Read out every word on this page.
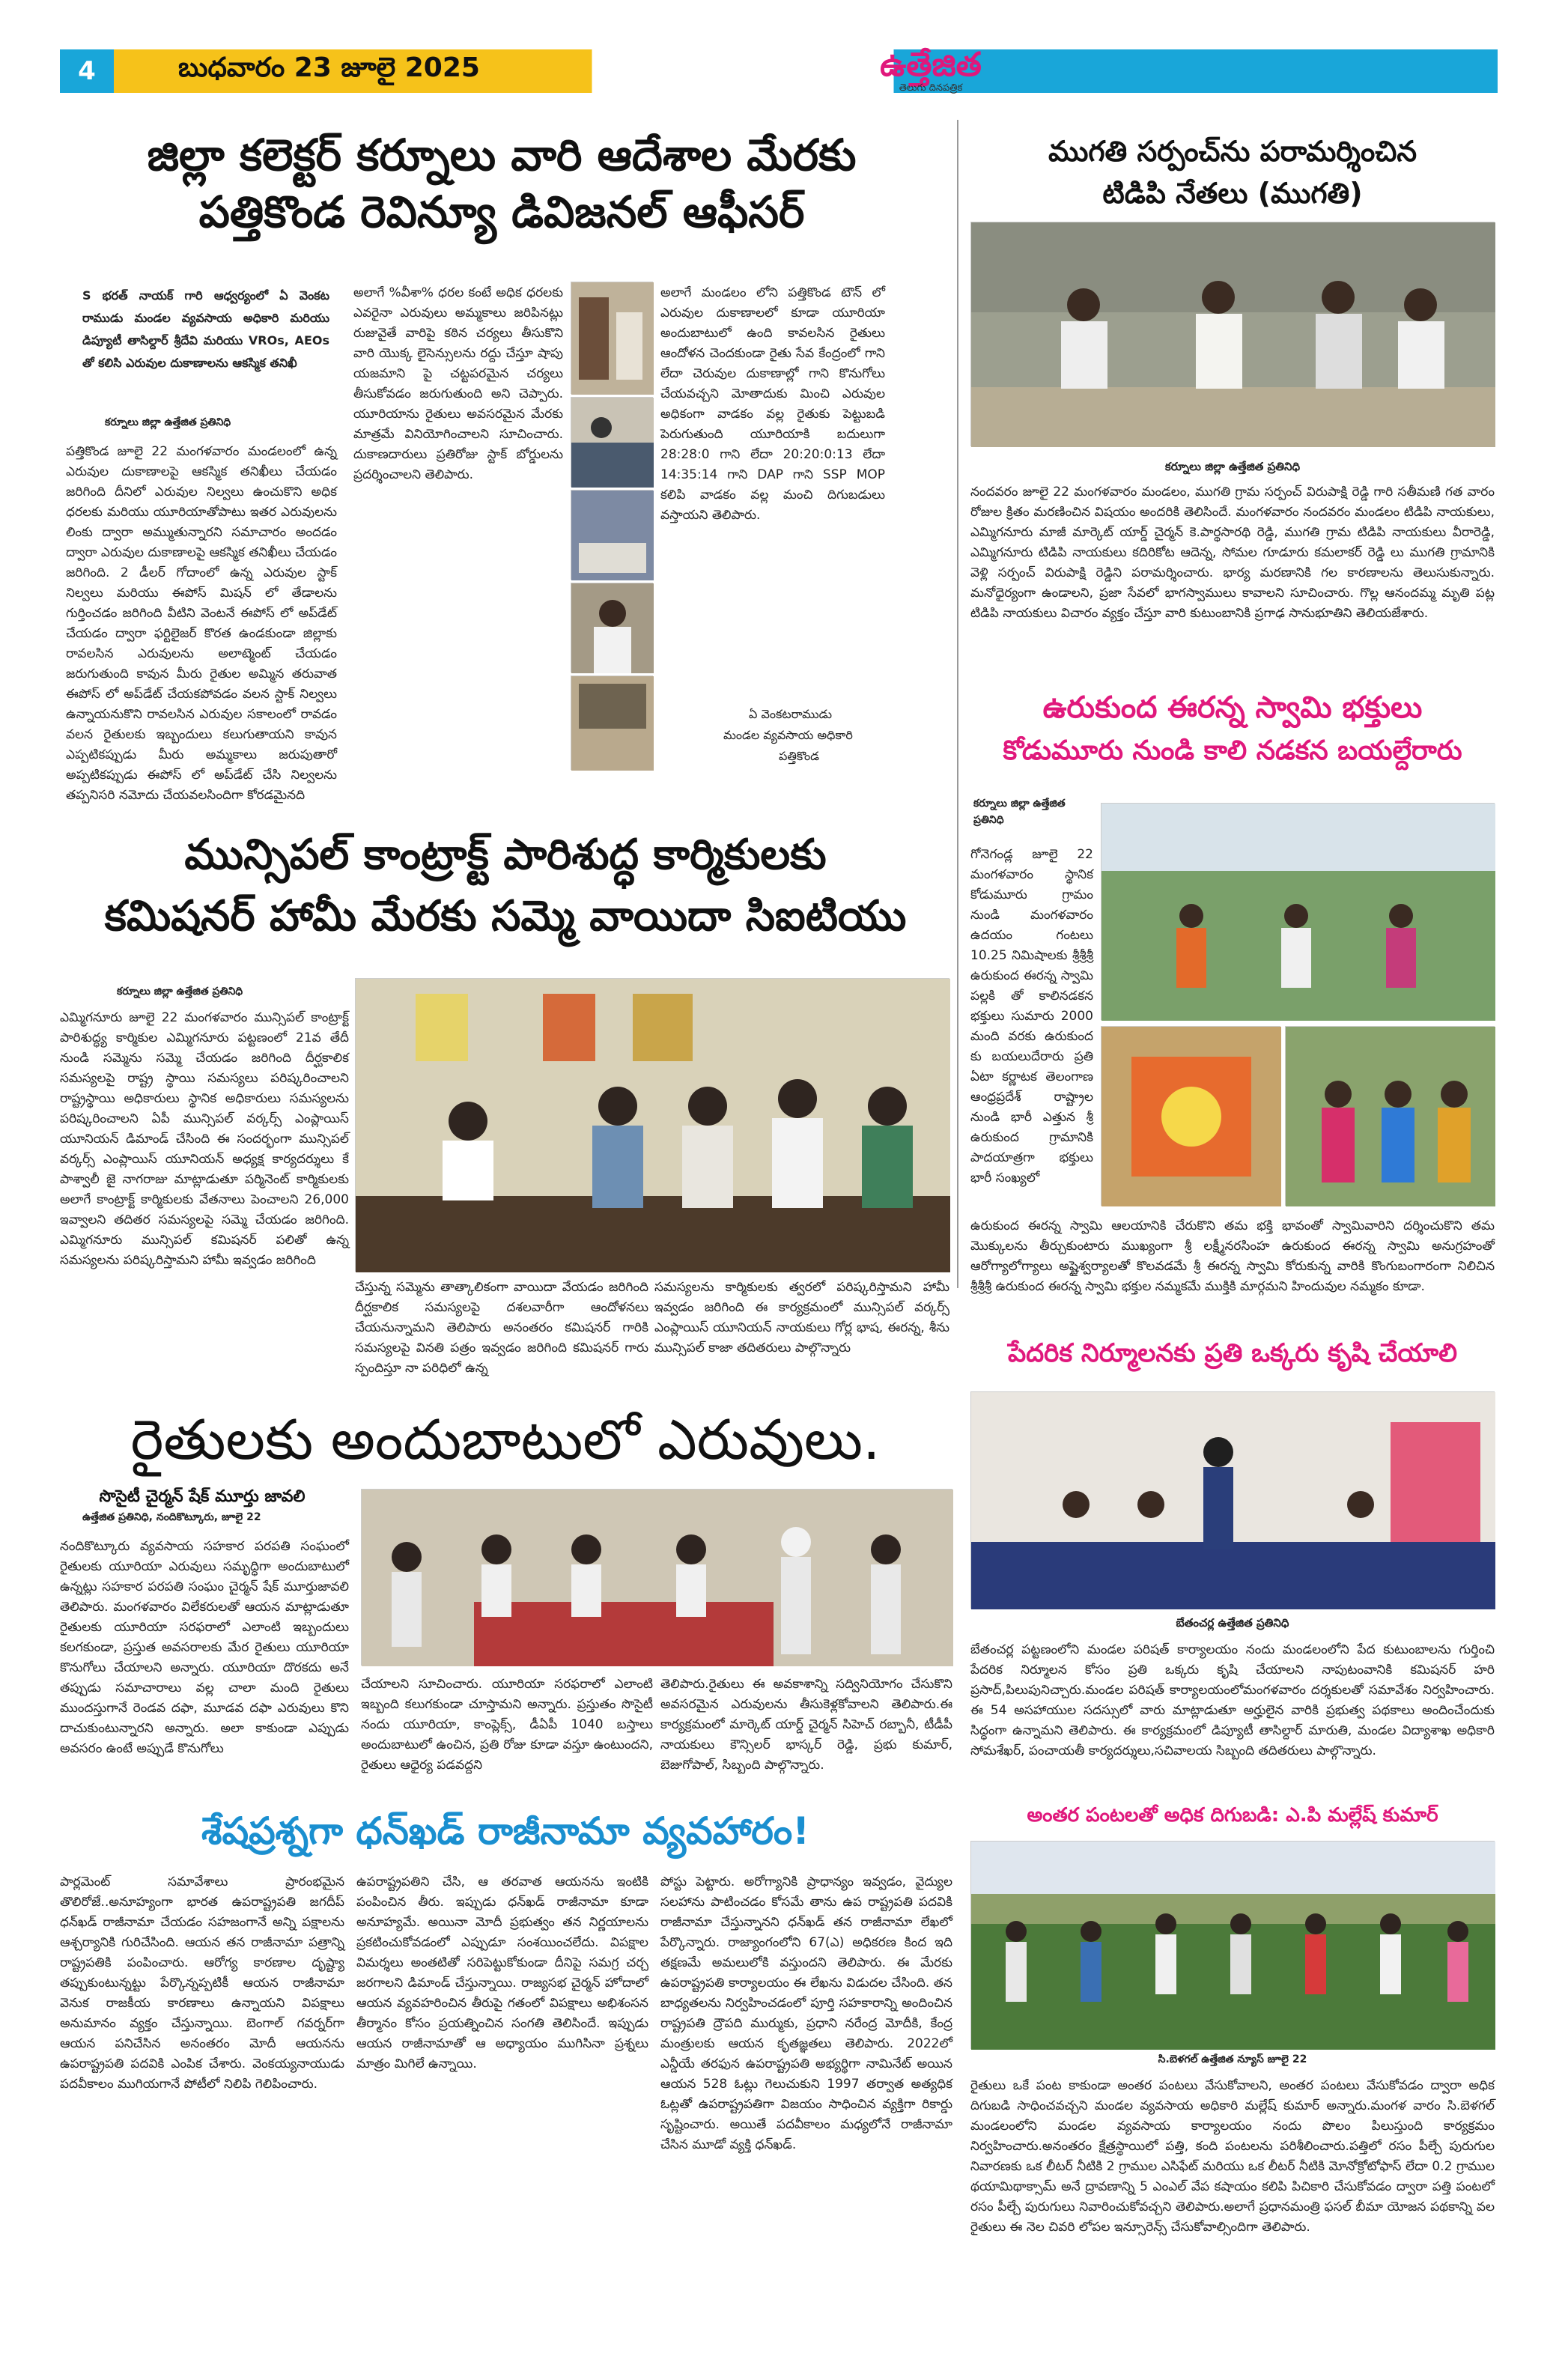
4	బుధవారం 23 జూలై 2025	ఉత్తేజిత
తెలుగు దినపత్రిక
జిల్లా కలెక్టర్ కర్నూలు వారి ఆదేశాల మేరకు
పత్తికొండ రెవిన్యూ డివిజనల్ ఆఫీసర్
S భరత్ నాయక్ గారి ఆధ్వర్యంలో ఏ వెంకట రాముడు మండల వ్యవసాయ అధికారి మరియు డిప్యూటీ తాసిల్దార్ శ్రీదేవి మరియు VROs, AEOs తో కలిసి ఎరువుల దుకాణాలను ఆకస్మిక తనిఖీ
కర్నూలు జిల్లా ఉత్తేజిత ప్రతినిధి
పత్తికొండ జూలై 22 మంగళవారం మండలంలో ఉన్న ఎరువుల దుకాణాలపై ఆకస్మిక తనిఖీలు చేయడం జరిగింది దీనిలో ఎరువుల నిల్వలు ఉంచుకొని అధిక ధరలకు మరియు యూరియాతోపాటు ఇతర ఎరువులను లింకు ద్వారా అమ్ముతున్నారని సమాచారం అందడం ద్వారా ఎరువుల దుకాణాలపై ఆకస్మిక తనిఖీలు చేయడం జరిగింది. 2 డీలర్ గోదాంలో ఉన్న ఎరువుల స్టాక్ నిల్వలు మరియు ఈపోస్ మిషన్ లో తేడాలను గుర్తించడం జరిగింది వీటిని వెంటనే ఈపోస్ లో అప్‌డేట్ చేయడం ద్వారా ఫర్టిలైజర్ కొరత ఉండకుండా జిల్లాకు రావలసిన ఎరువులను అలాట్మెంట్ చేయడం జరుగుతుంది కావున మీరు రైతుల అమ్మిన తరువాత ఈపోస్ లో అప్‌డేట్ చేయకపోవడం వలన స్టాక్ నిల్వలు ఉన్నాయనుకొని రావలసిన ఎరువుల సకాలంలో రావడం వలన రైతులకు ఇబ్బందులు కలుగుతాయని కావున ఎప్పటికప్పుడు మీరు అమ్మకాలు జరుపుతారో అప్పటికప్పుడు ఈపోస్ లో అప్‌డేట్ చేసి నిల్వలను తప్పనిసరి నమోదు చేయవలసిందిగా కోరడమైనది
అలాగే %వీశా% ధరల కంటే అధిక ధరలకు ఎవరైనా ఎరువులు అమ్మకాలు జరిపినట్లు రుజువైతే వారిపై కఠిన చర్యలు తీసుకొని వారి యొక్క లైసెన్సులను రద్దు చేస్తూ షాపు యజమాని పై చట్టపరమైన చర్యలు తీసుకోవడం జరుగుతుంది అని చెప్పారు. యూరియాను రైతులు అవసరమైన మేరకు మాత్రమే వినియోగించాలని సూచించారు. దుకాణదారులు ప్రతిరోజు స్టాక్ బోర్డులను ప్రదర్శించాలని తెలిపారు.
అలాగే మండలం లోని పత్తికొండ టౌన్ లో ఎరువుల దుకాణాలలో కూడా యూరియా అందుబాటులో ఉంది కావలసిన రైతులు ఆందోళన చెందకుండా రైతు సేవ కేంద్రంలో గాని లేదా చెరువుల దుకాణాల్లో గాని కొనుగోలు చేయవచ్చని మోతాదుకు మించి ఎరువుల అధికంగా వాడకం వల్ల రైతుకు పెట్టుబడి పెరుగుతుంది యూరియాకి బదులుగా 28:28:0 గాని లేదా 20:20:0:13 లేదా 14:35:14 గాని DAP గాని SSP MOP కలిపి వాడకం వల్ల మంచి దిగుబడులు వస్తాయని తెలిపారు.
ఏ వెంకటరాముడు
మండల వ్యవసాయ అధికారి
పత్తికొండ
ముగతి సర్పంచ్‌ను పరామర్శించిన
టిడిపి నేతలు (ముగతి)
కర్నూలు జిల్లా ఉత్తేజిత ప్రతినిధి
నందవరం జూలై 22 మంగళవారం మండలం, ముగతి గ్రామ సర్పంచ్ విరుపాక్షి రెడ్డి గారి సతీమణి గత వారం రోజుల క్రితం మరణించిన విషయం అందరికి తెలిసిందే. మంగళవారం నందవరం మండలం టిడిపి నాయకులు, ఎమ్మిగనూరు మాజీ మార్కెట్ యార్డ్ చైర్మన్ కె.పార్థసారథి రెడ్డి, ముగతి గ్రామ టిడిపి నాయకులు వీరారెడ్డి, ఎమ్మిగనూరు టిడిపి నాయకులు కదిరికోట ఆదెన్న, సోమల గూడూరు కమలాకర్ రెడ్డి లు ముగతి గ్రామానికి వెళ్లి సర్పంచ్ విరుపాక్షి రెడ్డిని పరామర్శించారు. భార్య మరణానికి గల కారణాలను తెలుసుకున్నారు. మనోధైర్యంగా ఉండాలని, ప్రజా సేవలో భాగస్వాములు కావాలని సూచించారు. గొల్ల ఆనందమ్మ మృతి పట్ల టిడిపి నాయకులు విచారం వ్యక్తం చేస్తూ వారి కుటుంబానికి ప్రగాఢ సానుభూతిని తెలియజేశారు.
ఉరుకుంద ఈరన్న స్వామి భక్తులు
కోడుమూరు నుండి కాలి నడకన బయల్దేరారు
కర్నూలు జిల్లా ఉత్తేజిత ప్రతినిధి
గోనెగండ్ల జూలై 22 మంగళవారం స్థానిక కోడుమూరు గ్రామం నుండి మంగళవారం ఉదయం గంటలు 10.25 నిమిషాలకు శ్రీశ్రీశ్రీ ఉరుకుంద ఈరన్న స్వామి పల్లకి తో కాలినడకన భక్తులు సుమారు 2000 మంది వరకు ఉరుకుంద కు బయలుదేరారు ప్రతి ఏటా కర్ణాటక తెలంగాణ ఆంధ్రప్రదేశ్ రాష్ట్రాల నుండి భారీ ఎత్తున శ్రీ ఉరుకుంద గ్రామానికి పాదయాత్రగా భక్తులు భారీ సంఖ్యలో
ఉరుకుంద ఈరన్న స్వామి ఆలయానికి చేరుకొని తమ భక్తి భావంతో స్వామివారిని దర్శించుకొని తమ మొక్కులను తీర్చుకుంటారు ముఖ్యంగా శ్రీ లక్ష్మీనరసింహ ఉరుకుంద ఈరన్న స్వామి అనుగ్రహంతో ఆరోగ్యాలోగ్యాలు అష్టైశ్వర్యాలతో కొలవడమే శ్రీ ఈరన్న స్వామి కోరుకున్న వారికి కొంగుబంగారంగా నిలిచిన శ్రీశ్రీశ్రీ ఉరుకుంద ఈరన్న స్వామి భక్తుల నమ్మకమే ముక్తికి మార్గమని హిందువుల నమ్మకం కూడా.
మున్సిపల్ కాంట్రాక్ట్ పారిశుద్ధ కార్మికులకు
కమిషనర్ హామీ మేరకు సమ్మె వాయిదా సిఐటియు
కర్నూలు జిల్లా ఉత్తేజిత ప్రతినిధి
ఎమ్మిగనూరు జూలై 22 మంగళవారం మున్సిపల్ కాంట్రాక్ట్ పారిశుద్ధ్య కార్మికుల ఎమ్మిగనూరు పట్టణంలో 21వ తేదీ నుండి సమ్మెను సమ్మె చేయడం జరిగింది దీర్ఘకాలిక సమస్యలపై రాష్ట్ర స్థాయి సమస్యలు పరిష్కరించాలని రాష్ట్రస్థాయి అధికారులు స్థానిక అధికారులు సమస్యలను పరిష్కరించాలని ఏపీ మున్సిపల్ వర్కర్స్ ఎంప్లాయిస్ యూనియన్ డిమాండ్ చేసింది ఈ సందర్భంగా మున్సిపల్ వర్కర్స్ ఎంప్లాయిస్ యూనియన్ అధ్యక్ష కార్యదర్శులు కే పాశ్వాలీ జై నాగరాజు మాట్లాడుతూ పర్మినెంట్ కార్మికులకు అలాగే కాంట్రాక్ట్ కార్మికులకు వేతనాలు పెంచాలని 26,000 ఇవ్వాలని తదితర సమస్యలపై సమ్మె చేయడం జరిగింది. ఎమ్మిగనూరు మున్సిపల్ కమిషనర్ పలితో ఉన్న సమస్యలను పరిష్కరిస్తామని హామీ ఇవ్వడం జరిగింది
చేస్తున్న సమ్మెను తాత్కాలికంగా వాయిదా వేయడం జరిగింది దీర్ఘకాలిక సమస్యలపై దశలవారీగా ఆందోళనలు చేయనున్నామని తెలిపారు అనంతరం కమిషనర్ గారికి సమస్యలపై వినతి పత్రం ఇవ్వడం జరిగింది కమిషనర్ గారు స్పందిస్తూ నా పరిధిలో ఉన్న
సమస్యలను కార్మికులకు త్వరలో పరిష్కరిస్తామని హామీ ఇవ్వడం జరిగింది ఈ కార్యక్రమంలో మున్సిపల్ వర్కర్స్ ఎంప్లాయిస్ యూనియన్ నాయకులు గోర్ల భాష, ఈరన్న, శీను మున్సిపల్ కాజా తదితరులు పాల్గొన్నారు	పేదరిక నిర్మూలనకు ప్రతి ఒక్కరు కృషి చేయాలి
బేతంచర్ల ఉత్తేజిత ప్రతినిధి
బేతంచర్ల పట్టణంలోని మండల పరిషత్ కార్యాలయం నందు మండలంలోని పేద కుటుంబాలను గుర్తించి పేదరిక నిర్మూలన కోసం ప్రతి ఒక్కరు కృషి చేయాలని నాపుటంవానికి కమిషనర్ హరి ప్రసాద్,పిలుపునిచ్చారు.మండల పరిషత్ కార్యాలయంలోమంగళవారం దర్శకులతో సమావేశం నిర్వహించారు. ఈ 54 అసహాయుల సదస్సులో వారు మాట్లాడుతూ అర్హులైన వారికి ప్రభుత్వ పథకాలు అందించేందుకు సిద్ధంగా ఉన్నామని తెలిపారు. ఈ కార్యక్రమంలో డిప్యూటీ తాసిల్దార్ మారుతి, మండల విద్యాశాఖ అధికారి సోమశేఖర్, పంచాయతీ కార్యదర్శులు,సచివాలయ సిబ్బంది తదితరులు పాల్గొన్నారు.
రైతులకు అందుబాటులో ఎరువులు.
సొసైటీ చైర్మన్ షేక్ మూర్తు జావలి
ఉత్తేజిత ప్రతినిధి, నందికొట్కూరు, జూలై 22
నందికొట్కూరు వ్యవసాయ సహకార పరపతి సంఘంలో రైతులకు యూరియా ఎరువులు సమృద్ధిగా అందుబాటులో ఉన్నట్లు సహకార పరపతి సంఘం చైర్మన్ షేక్ మూర్తుజావలి తెలిపారు. మంగళవారం విలేకరులతో ఆయన మాట్లాడుతూ రైతులకు యూరియా సరఫరాలో ఎలాంటి ఇబ్బందులు కలగకుండా, ప్రస్తుత అవసరాలకు మేర రైతులు యూరియా కొనుగోలు చేయాలని అన్నారు. యూరియా దొరకదు అనే తప్పుడు సమాచారాలు వల్ల చాలా మంది రైతులు ముందస్తుగానే రెండవ దఫా, మూడవ దఫా ఎరువులు కొని దాచుకుంటున్నారని అన్నారు. అలా కాకుండా ఎప్పుడు అవసరం ఉంటే అప్పుడే కొనుగోలు
చేయాలని సూచించారు. యూరియా సరఫరాలో ఎలాంటి ఇబ్బంది కలుగకుండా చూస్తామని అన్నారు. ప్రస్తుతం సొసైటీ నందు యూరియా, కాంప్లెక్స్, డీఏపీ 1040 బస్తాలు అందుబాటులో ఉంచిన, ప్రతి రోజు కూడా వస్తూ ఉంటుందని, రైతులు ఆధైర్య పడవద్దని
తెలిపారు.రైతులు ఈ అవకాశాన్ని సద్వినియోగం చేసుకొని అవసరమైన ఎరువులను తీసుకెళ్లకోవాలని తెలిపారు.ఈ కార్యక్రమంలో మార్కెట్ యార్డ్ చైర్మన్ సిహెచ్ రబ్బానీ, టీడీపీ నాయకులు కౌన్సిలర్ భాస్కర్ రెడ్డి, ప్రభు కుమార్, బెజుగోపాల్, సిబ్బంది పాల్గొన్నారు.
శేషప్రశ్నగా ధన్‌ఖడ్ రాజీనామా వ్యవహారం!
పార్లమెంట్ సమావేశాలు ప్రారంభమైన తొలిరోజే..అనూహ్యంగా భారత ఉపరాష్ట్రపతి జగదీప్ ధన్‌ఖడ్ రాజీనామా చేయడం సహజంగానే అన్ని పక్షాలను ఆశ్చర్యానికి గురిచేసింది. ఆయన తన రాజీనామా పత్రాన్ని రాష్ట్రపతికి పంపించారు. ఆరోగ్య కారణాల దృష్ట్యా తప్పుకుంటున్నట్టు పేర్కొన్నప్పటికీ ఆయన రాజీనామా వెనుక రాజకీయ కారణాలు ఉన్నాయని విపక్షాలు అనుమానం వ్యక్తం చేస్తున్నాయి. బెంగాల్ గవర్నర్‌గా ఆయన పనిచేసిన అనంతరం మోదీ ఆయనను ఉపరాష్ట్రపతి పదవికి ఎంపిక చేశారు. వెంకయ్యనాయుడు పదవీకాలం ముగియగానే పోటీలో నిలిపి గెలిపించారు.
ఉపరాష్ట్రపతిని చేసి, ఆ తరవాత ఆయనను ఇంటికి పంపించిన తీరు. ఇప్పుడు ధన్‌ఖడ్ రాజీనామా కూడా అనూహ్యమే. అయినా మోదీ ప్రభుత్వం తన నిర్ణయాలను ప్రకటించుకోవడంలో ఎప్పుడూ సంశయించలేదు. విపక్షాల విమర్శలు అంతటితో సరిపెట్టుకోకుండా దీనిపై సమగ్ర చర్చ జరగాలని డిమాండ్ చేస్తున్నాయి. రాజ్యసభ చైర్మన్ హోదాలో ఆయన వ్యవహరించిన తీరుపై గతంలో విపక్షాలు అభిశంసన తీర్మానం కోసం ప్రయత్నించిన సంగతి తెలిసిందే. ఇప్పుడు ఆయన రాజీనామాతో ఆ అధ్యాయం ముగిసినా ప్రశ్నలు మాత్రం మిగిలే ఉన్నాయి.
పోస్టు పెట్టారు. అరోగ్యానికి ప్రాధాన్యం ఇవ్వడం, వైద్యుల సలహాను పాటించడం కోసమే తాను ఉప రాష్ట్రపతి పదవికి రాజీనామా చేస్తున్నానని ధన్‌ఖడ్ తన రాజీనామా లేఖలో పేర్కొన్నారు. రాజ్యాంగంలోని 67(ఎ) అధికరణ కింద ఇది తక్షణమే అమలులోకి వస్తుందని తెలిపారు. ఈ మేరకు ఉపరాష్ట్రపతి కార్యాలయం ఈ లేఖను విడుదల చేసింది. తన బాధ్యతలను నిర్వహించడంలో పూర్తి సహకారాన్ని అందించిన రాష్ట్రపతి ద్రౌపది ముర్ముకు, ప్రధాని నరేంద్ర మోదీకి, కేంద్ర మంత్రులకు ఆయన కృతజ్ఞతలు తెలిపారు. 2022లో ఎన్డీయే తరఫున ఉపరాష్ట్రపతి అభ్యర్థిగా నామినేట్ అయిన ఆయన 528 ఓట్లు గెలుచుకుని 1997 తర్వాత అత్యధిక ఓట్లతో ఉపరాష్ట్రపతిగా విజయం సాధించిన వ్యక్తిగా రికార్డు సృష్టించారు. అయితే పదవీకాలం మధ్యలోనే రాజీనామా చేసిన మూడో వ్యక్తి ధన్‌ఖడ్.
అంతర పంటలతో అధిక దిగుబడి: ఎ.పి మల్లేష్ కుమార్
సి.బెళగల్ ఉత్తేజిత న్యూస్ జూలై 22
రైతులు ఒకే పంట కాకుండా అంతర పంటలు వేసుకోవాలని, అంతర పంటలు వేసుకోవడం ద్వారా అధిక దిగుబడి సాధించవచ్చని మండల వ్యవసాయ అధికారి మల్లేష్ కుమార్ అన్నారు.మంగళ వారం సి.బెళగల్ మండలంలోని మండల వ్యవసాయ కార్యాలయం నందు పొలం పిలుస్తుంది కార్యక్రమం నిర్వహించారు.అనంతరం క్షేత్రస్థాయిలో పత్తి, కంది పంటలను పరిశీలించారు.పత్తిలో రసం పీల్చే పురుగుల నివారణకు ఒక లీటర్ నీటికి 2 గ్రాముల ఎసిఫేట్ మరియు ఒక లీటర్ నీటికి మోనోక్రోటోఫాస్ లేదా 0.2 గ్రాముల థయామిథాక్సామ్ అనే ద్రావణాన్ని 5 ఎంఎల్ వేప కషాయం కలిపి పిచికారి చేసుకోవడం ద్వారా పత్తి పంటలో రసం పీల్చే పురుగులు నివారించుకోవచ్చని తెలిపారు.అలాగే ప్రధానమంత్రి ఫసల్ బీమా యోజన పథకాన్ని వల రైతులు ఈ నెల చివరి లోపల ఇన్సూరెన్స్ చేసుకోవాల్సిందిగా తెలిపారు.
